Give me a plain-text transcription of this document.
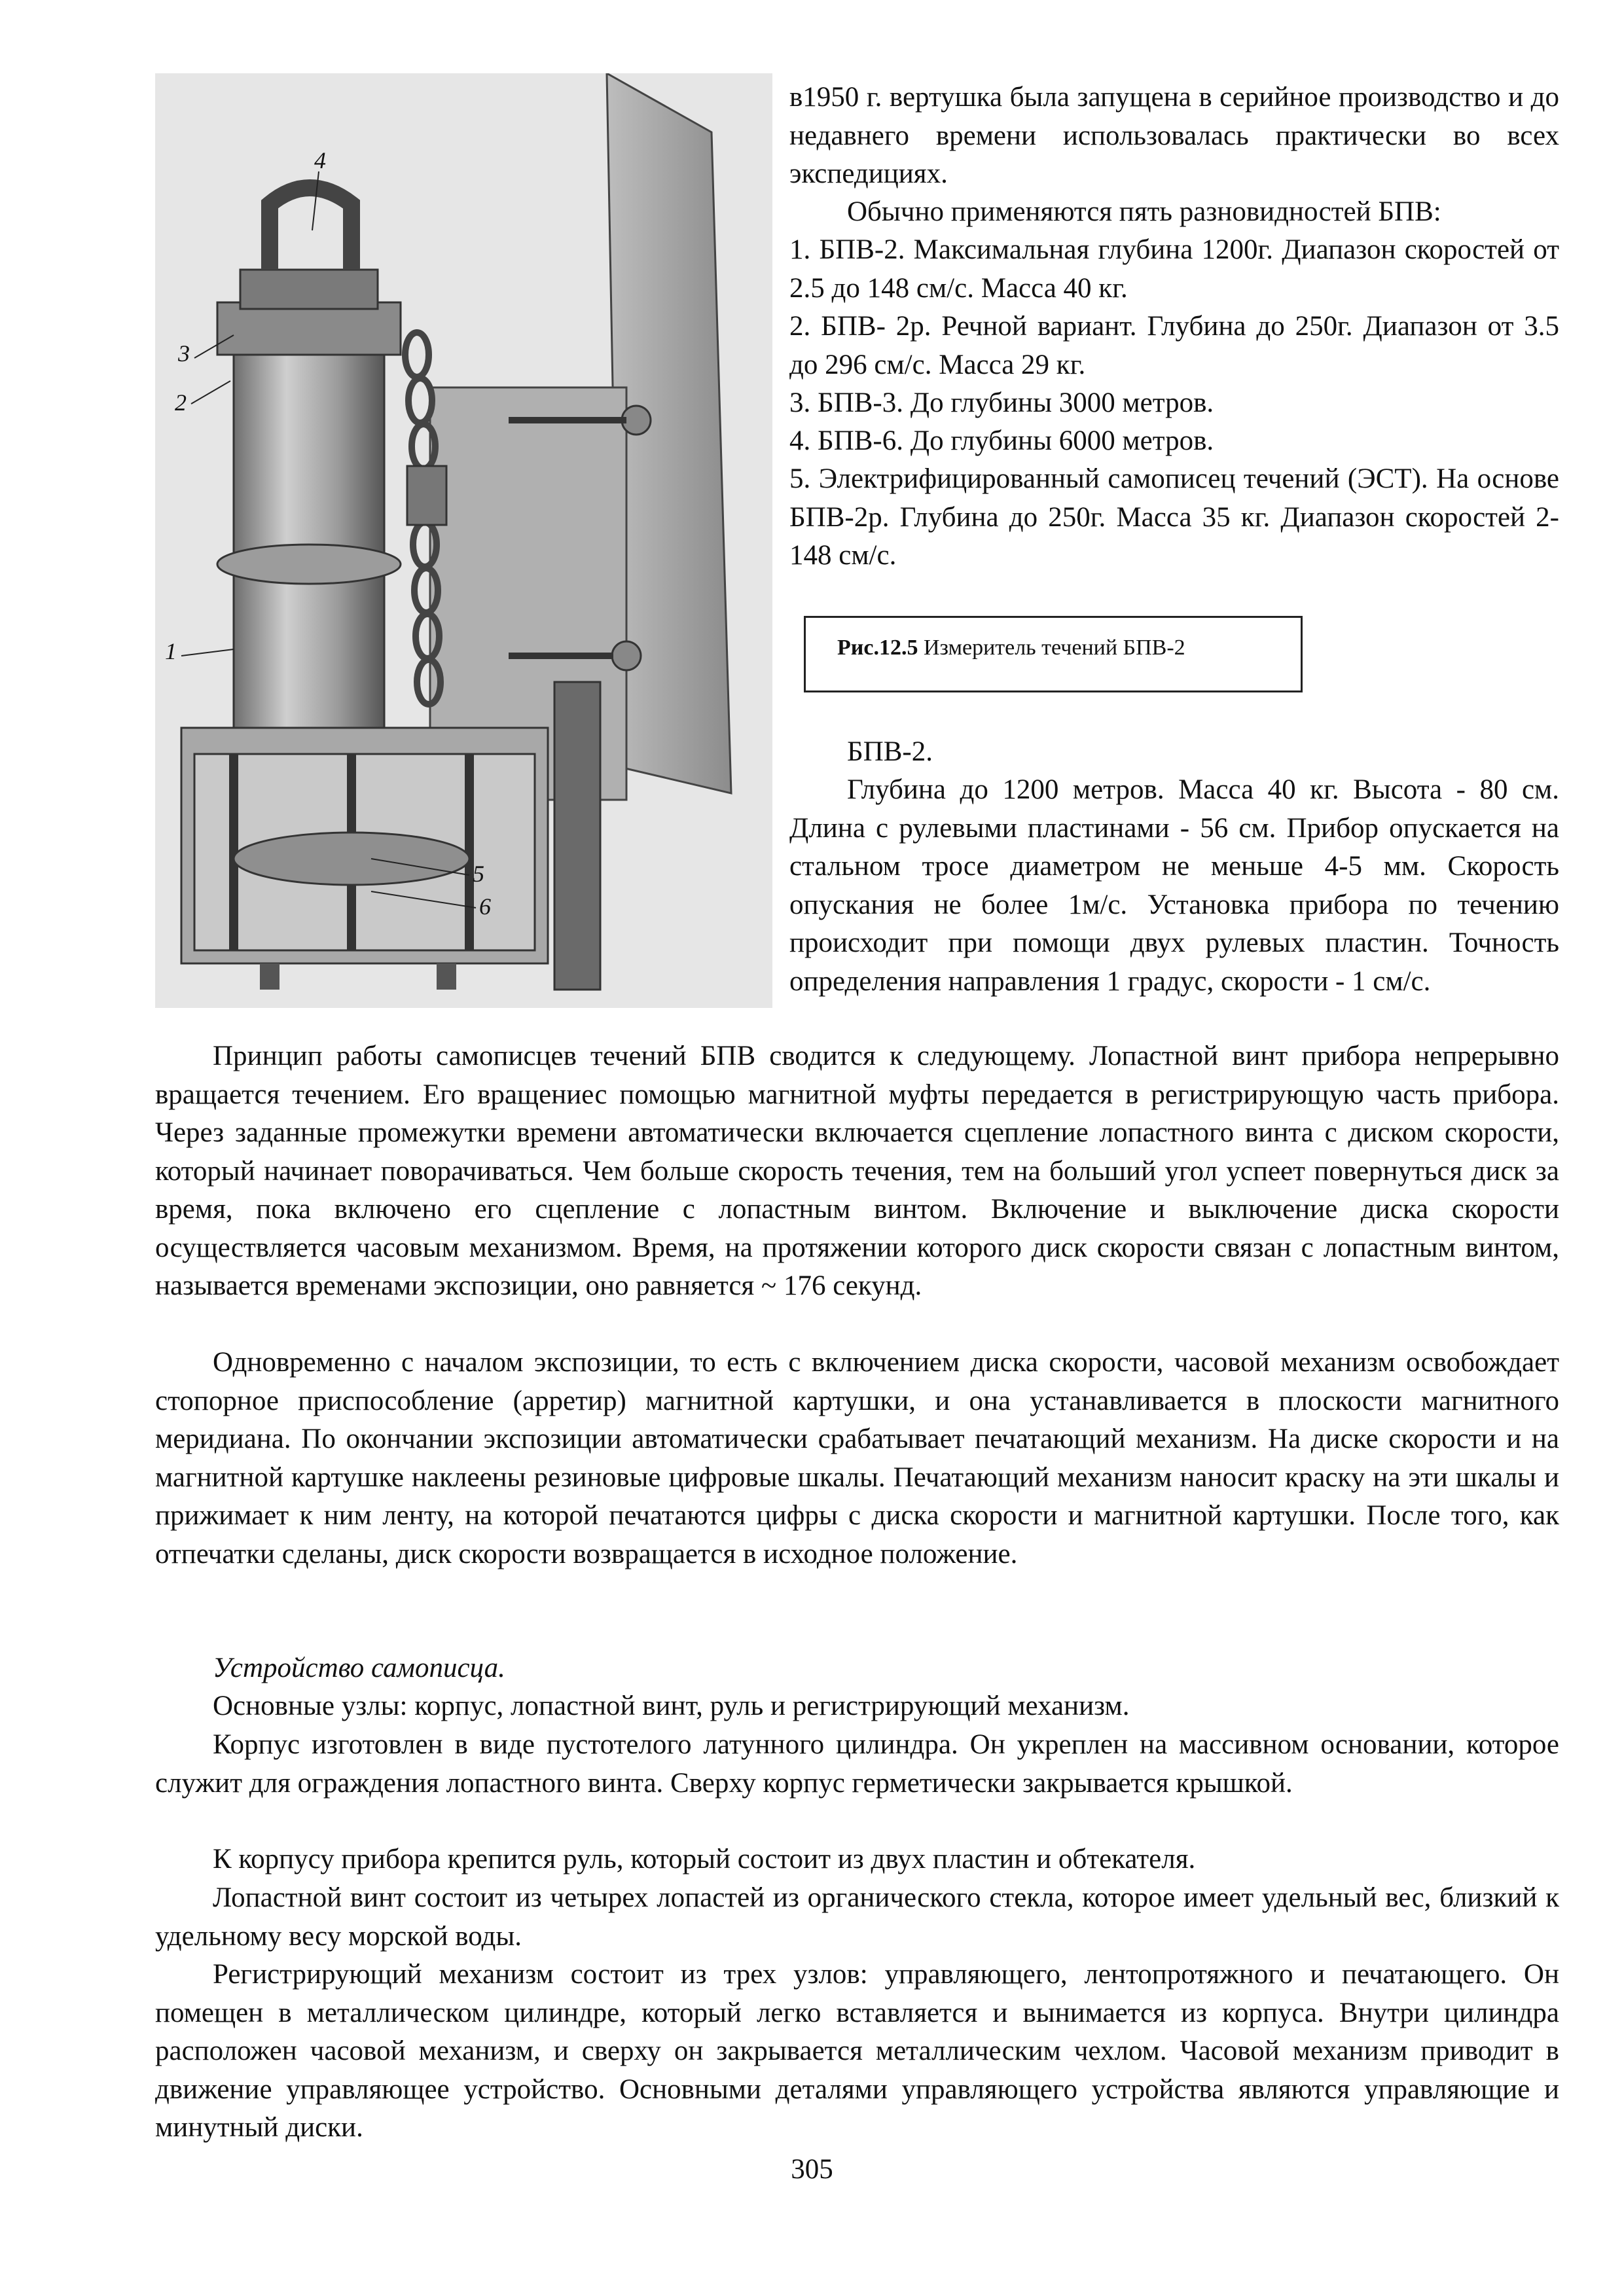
4
3
2
1
5
6

в1950 г. вертушка была запущена в серийное производство и до недавнего времени использовалась практически во всех экспедициях.

Обычно применяются пять разновидностей БПВ:

1. БПВ-2. Максимальная глубина 1200г. Диапазон скоростей от 2.5 до 148 см/с. Масса 40 кг.

2. БПВ- 2р. Речной вариант. Глубина до 250г. Диапазон от 3.5 до 296 см/с. Масса 29 кг.

3. БПВ-3. До глубины 3000 метров.

4. БПВ-6. До глубины 6000 метров.

5. Электрифицированный самописец течений (ЭСТ). На основе БПВ-2р. Глубина до 250г. Масса 35 кг. Диапазон скоростей 2-148 см/с.

Рис.12.5 Измеритель течений БПВ-2

БПВ-2.

Глубина до 1200 метров. Масса 40 кг. Высота - 80 см. Длина с рулевыми пластинами - 56 см. Прибор опускается на стальном тросе диаметром не меньше 4-5 мм. Скорость опускания не более 1м/с. Установка прибора по течению происходит при помощи двух рулевых пластин. Точность определения направления 1 градус, скорости - 1 см/с.

Принцип работы самописцев течений БПВ сводится к следующему. Лопастной винт прибора непрерывно вращается течением. Его вращениес помощью магнитной муфты передается в регистрирующую часть прибора. Через заданные промежутки времени автоматически включается сцепление лопастного винта с диском скорости, который начинает поворачиваться. Чем больше скорость течения, тем на больший угол успеет повернуться диск за время, пока включено его сцепление с лопастным винтом. Включение и выключение диска скорости осуществляется часовым механизмом. Время, на протяжении которого диск скорости связан с лопастным винтом, называется временами экспозиции, оно равняется ~ 176 секунд.

Одновременно с началом экспозиции, то есть с включением диска скорости, часовой механизм освобождает стопорное приспособление (арретир) магнитной картушки, и она устанавливается в плоскости магнитного меридиана. По окончании экспозиции автоматически срабатывает печатающий механизм. На диске скорости и на магнитной картушке наклеены резиновые цифровые шкалы. Печатающий механизм наносит краску на эти шкалы и прижимает к ним ленту, на которой печатаются цифры с диска скорости и магнитной картушки. После того, как отпечатки сделаны, диск скорости возвращается в исходное положение.

Устройство самописца.

Основные узлы: корпус, лопастной винт, руль и регистрирующий механизм.

Корпус изготовлен в виде пустотелого латунного цилиндра. Он укреплен на массивном основании, которое служит для ограждения лопастного винта. Сверху корпус герметически закрывается крышкой.

К корпусу прибора крепится руль, который состоит из двух пластин и обтекателя.

Лопастной винт состоит из четырех лопастей из органического стекла, которое имеет удельный вес, близкий к удельному весу морской воды.

Регистрирующий механизм состоит из трех узлов: управляющего, лентопротяжного и печатающего. Он помещен в металлическом цилиндре, который легко вставляется и вынимается из корпуса. Внутри цилиндра расположен часовой механизм, и сверху он закрывается металлическим чехлом. Часовой механизм приводит в движение управляющее устройство. Основными деталями управляющего устройства являются управляющие и минутный диски.

305
